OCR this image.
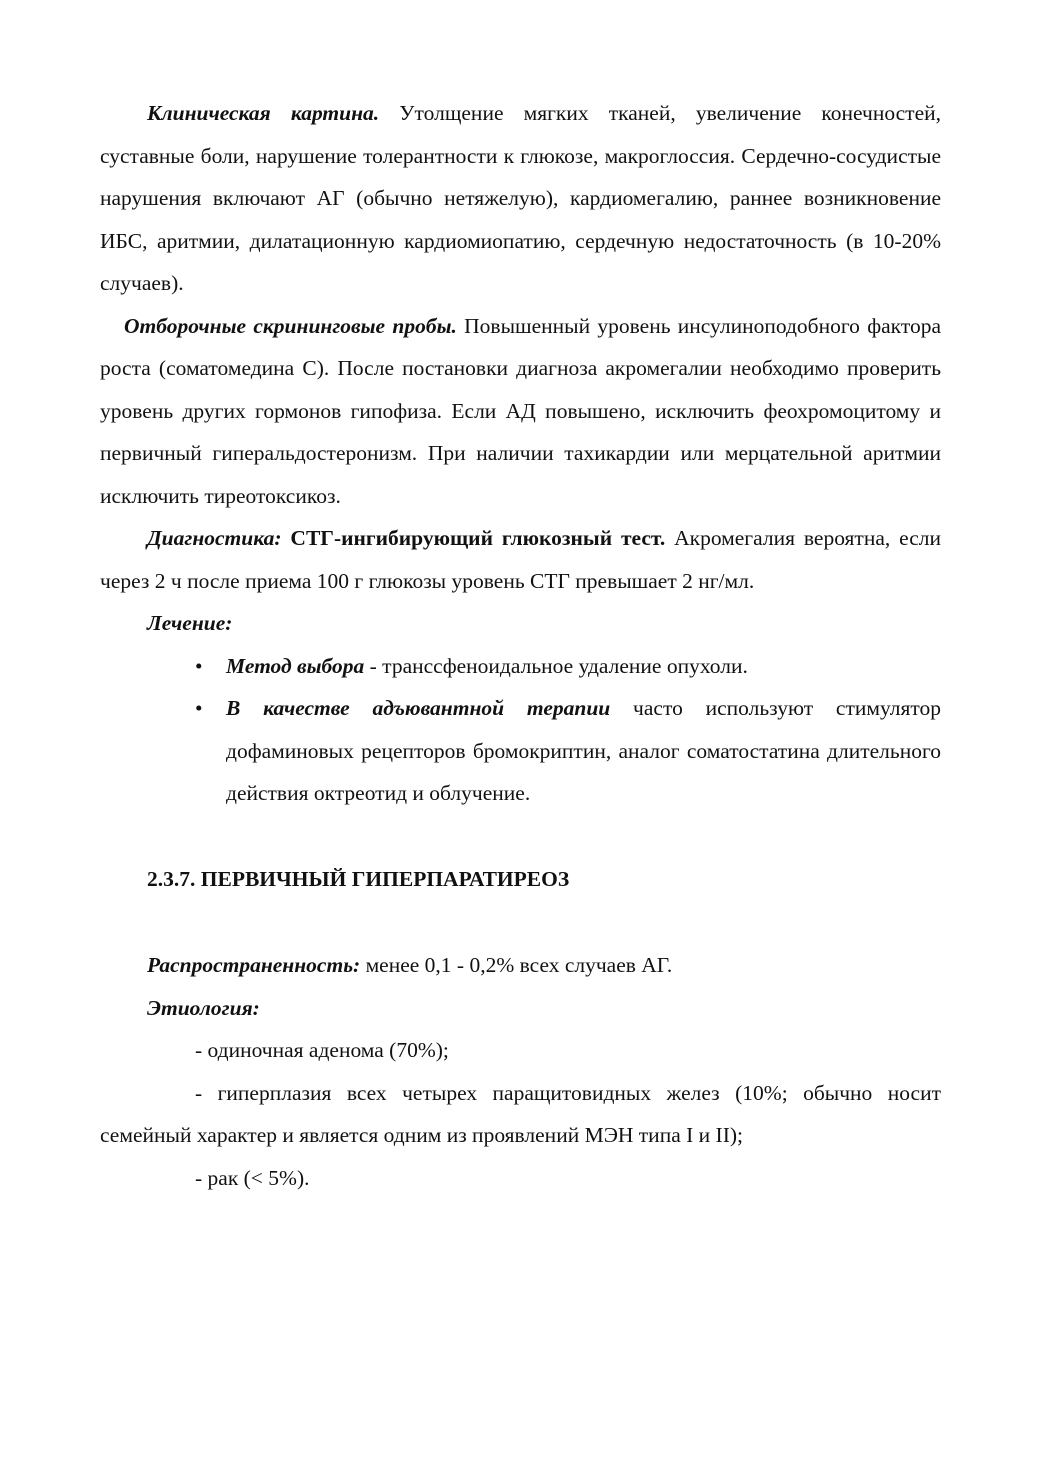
Клиническая картина. Утолщение мягких тканей, увеличение конечностей, суставные боли, нарушение толерантности к глюкозе, макроглоссия. Сердечно-сосудистые нарушения включают АГ (обычно нетяжелую), кардиомегалию, раннее возникновение ИБС, аритмии, дилатационную кардиомиопатию, сердечную недостаточность (в 10-20% случаев).

Отборочные скрининговые пробы. Повышенный уровень инсулиноподобного фактора роста (соматомедина С). После постановки диагноза акромегалии необходимо проверить уровень других гормонов гипофиза. Если АД повышено, исключить феохромоцитому и первичный гиперальдостеронизм. При наличии тахикардии или мерцательной аритмии исключить тиреотоксикоз.

Диагностика: СТГ-ингибирующий глюкозный тест. Акромегалия вероятна, если через 2 ч после приема 100 г глюкозы уровень СТГ превышает 2 нг/мл.

Лечение:

• Метод выбора - трансcфеноидальное удаление опухоли.
• В качестве адъювантной терапии часто используют стимулятор дофаминовых рецепторов бромокриптин, аналог соматостатина длительного действия октреотид и облучение.

2.3.7. ПЕРВИЧНЫЙ ГИПЕРПАРАТИРЕОЗ

Распространенность: менее 0,1 - 0,2% всех случаев АГ.

Этиология:

- одиночная аденома (70%);

- гиперплазия всех четырех паращитовидных желез (10%; обычно носит семейный характер и является одним из проявлений МЭН типа I и II);

- рак (< 5%).
